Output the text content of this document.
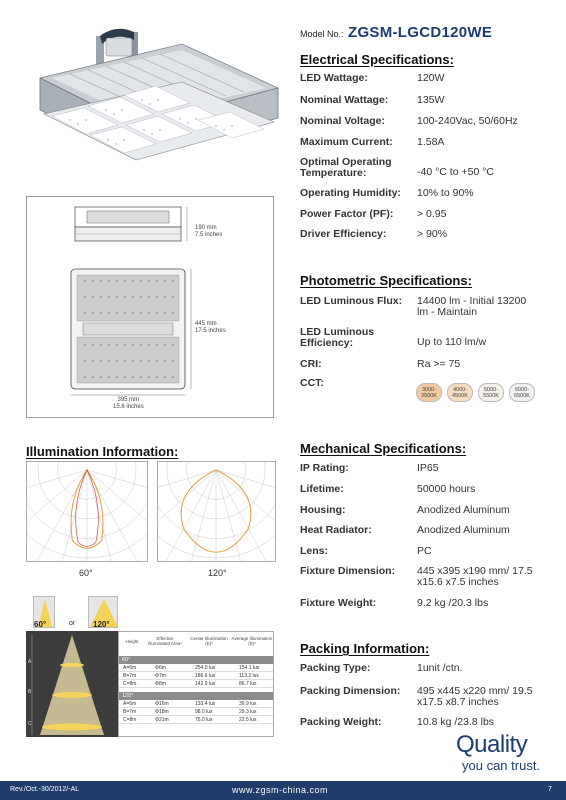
190 mm
7.5 inches
445 mm
17.5 inches
395 mm
15.6 inches
Illumination Information:
60°	120°
60°	or 120°
A
B
C
Height
Effective Illuminated Area¹
Center Illumination (E)¹
Average Illumination (E)¹
60°
A=6m	Φ6m	254.0 lux	154.1 lux
B=7m	Φ7m	186.6 lux	113.2 lux
C=8m	Φ8m	142.9 lux	86.7 lux
120°
A=6m	Φ16m	133.4 lux	39.9 lux
B=7m	Φ18m	98.0 lux	29.3 lux
C=8m	Φ21m	75.0 lux	22.5 lux
Model No.: ZGSM-LGCD120WE
Electrical Specifications:
LED Wattage:	120W
Nominal Wattage:	135W
Nominal Voltage:	100-240Vac, 50/60Hz
Maximum Current:	1.58A
Optimal Operating Temperature:	-40 °C to +50 °C
Operating Humidity:	10% to 90%
Power Factor (PF):	> 0.95
Driver Efficiency:	> 90%
Photometric Specifications:
LED Luminous Flux:	14400 lm - Initial 13200 lm - Maintain
LED Luminous Efficiency:	Up to 110 lm/w
CRI:	Ra >= 75
CCT:
3000-3500K
4000-4500K
5000-5500K
6000-6500K
Mechanical Specifications:
IP Rating:	IP65
Lifetime:	50000 hours
Housing:	Anodized Aluminum
Heat Radiator:	Anodized Aluminum
Lens:	PC
Fixture Dimension:	445 x395 x190 mm/ 17.5 x15.6 x7.5 inches
Fixture Weight:	9.2 kg /20.3 lbs
Packing Information:
Packing Type:	1unit /ctn.
Packing Dimension:	495 x445 x220 mm/ 19.5 x17.5 x8.7 inches
Packing Weight:	10.8 kg /23.8 lbs
Quality
you can trust.
Rev./Oct.-30/2012/-AL	www.zgsm-china.com	7
